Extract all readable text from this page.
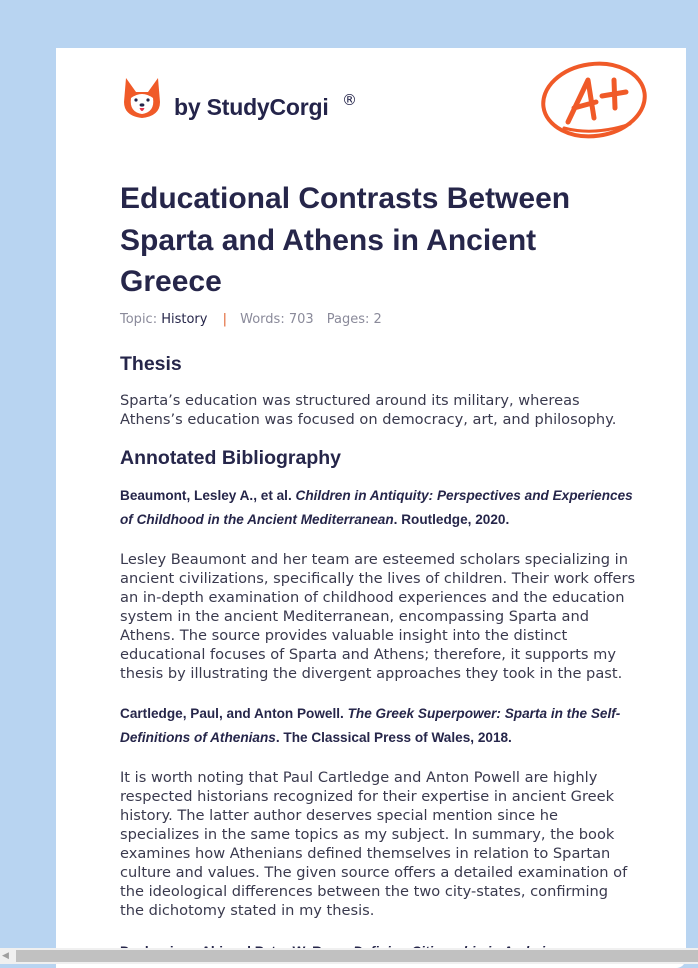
by StudyCorgi ®
Educational Contrasts Between Sparta and Athens in Ancient Greece
Topic: History | Words: 703 Pages: 2
Thesis

Sparta’s education was structured around its military, whereas Athens’s education was focused on democracy, art, and philosophy.

Annotated Bibliography

Beaumont, Lesley A., et al. Children in Antiquity: Perspectives and Experiences of Childhood in the Ancient Mediterranean. Routledge, 2020.

Lesley Beaumont and her team are esteemed scholars specializing in ancient civilizations, specifically the lives of children. Their work offers an in-depth examination of childhood experiences and the education system in the ancient Mediterranean, encompassing Sparta and Athens. The source provides valuable insight into the distinct educational focuses of Sparta and Athens; therefore, it supports my thesis by illustrating the divergent approaches they took in the past.

Cartledge, Paul, and Anton Powell. The Greek Superpower: Sparta in the Self-Definitions of Athenians. The Classical Press of Wales, 2018.

It is worth noting that Paul Cartledge and Anton Powell are highly respected historians recognized for their expertise in ancient Greek history. The latter author deserves special mention since he specializes in the same topics as my subject. In summary, the book examines how Athenians defined themselves in relation to Spartan culture and values. The given source offers a detailed examination of the ideological differences between the two city-states, confirming the dichotomy stated in my thesis.

◀
